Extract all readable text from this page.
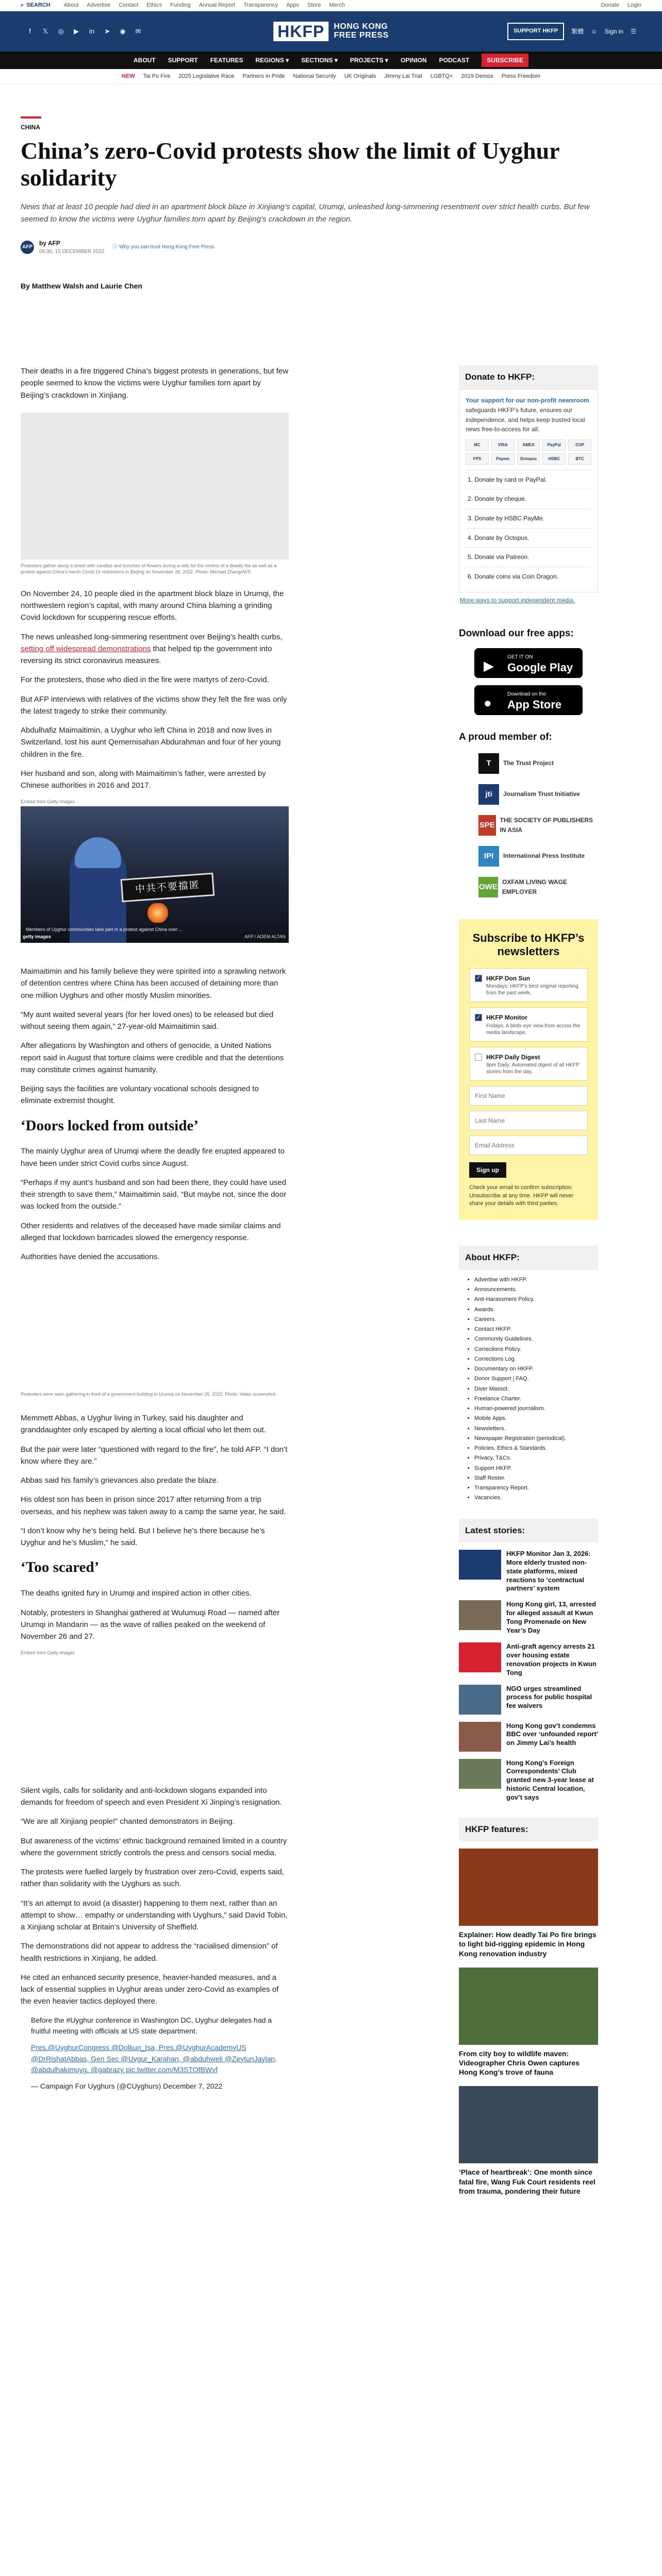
⌕ SEARCH About Advertise Contact Ethics Funding Annual Report Transparency Apps Store Merch	Donate Login
f	𝕏 ◎ ▶ in ➤ ◉ ✉	HKFP	HONG KONG
FREE PRESS	SUPPORT HKFP	繁體 ☺ Sign in ☰
ABOUT SUPPORT FEATURES REGIONS ▾ SECTIONS ▾ PROJECTS ▾ OPINION PODCAST	SUBSCRIBE
NEW Tai Po Fire 2025 Legislative Race Partners in Pride National Security UK Originals Jimmy Lai Trial LGBTQ+ 2019 Demos Press Freedom
CHINA
China’s zero-Covid protests show the limit of Uyghur solidarity

News that at least 10 people had died in an apartment block blaze in Xinjiang’s capital, Urumqi, unleashed long-simmering resentment over strict health curbs. But few seemed to know the victims were Uyghur families torn apart by Beijing’s crackdown in the region.

AFP
by AFP
06:30, 15 DECEMBER 2022
ⓘ Why you can trust Hong Kong Free Press
By Matthew Walsh and Laurie Chen

Their deaths in a fire triggered China’s biggest protests in generations, but few people seemed to know the victims were Uyghur families torn apart by Beijing’s crackdown in Xinjiang.

Protesters gather along a street with candles and bunches of flowers during a rally for the victims of a deadly fire as well as a protest against China’s harsh Covid-19 restrictions in Beijing on November 28, 2022. Photo: Michael Zhang/AFP.

On November 24, 10 people died in the apartment block blaze in Urumqi, the northwestern region’s capital, with many around China blaming a grinding Covid lockdown for scuppering rescue efforts.

The news unleashed long-simmering resentment over Beijing’s health curbs, setting off widespread demonstrations that helped tip the government into reversing its strict coronavirus measures.

For the protesters, those who died in the fire were martyrs of zero-Covid.

But AFP interviews with relatives of the victims show they felt the fire was only the latest tragedy to strike their community.

Abdulhafiz Maimaitimin, a Uyghur who left China in 2018 and now lives in Switzerland, lost his aunt Qemernisahan Abdurahman and four of her young children in the fire.

Her husband and son, along with Maimaitimin’s father, were arrested by Chinese authorities in 2016 and 2017.

Embed from Getty Images
中共不要擋匿
Members of Uyghur communities take part in a protest against China over ...
getty images	AFP / ADEM ALTAN

Maimaitimin and his family believe they were spirited into a sprawling network of detention centres where China has been accused of detaining more than one million Uyghurs and other mostly Muslim minorities.

“My aunt waited several years (for her loved ones) to be released but died without seeing them again,” 27-year-old Maimaitimin said.

After allegations by Washington and others of genocide, a United Nations report said in August that torture claims were credible and that the detentions may constitute crimes against humanity.

Beijing says the facilities are voluntary vocational schools designed to eliminate extremist thought.

‘Doors locked from outside’

The mainly Uyghur area of Urumqi where the deadly fire erupted appeared to have been under strict Covid curbs since August.

“Perhaps if my aunt’s husband and son had been there, they could have used their strength to save them,” Maimaitimin said. “But maybe not, since the door was locked from the outside.”

Other residents and relatives of the deceased have made similar claims and alleged that lockdown barricades slowed the emergency response.

Authorities have denied the accusations.

Protesters were seen gathering in front of a government building in Urumqi on November 25, 2022. Photo: Video screenshot.

Memmett Abbas, a Uyghur living in Turkey, said his daughter and granddaughter only escaped by alerting a local official who let them out.

But the pair were later “questioned with regard to the fire”, he told AFP. “I don’t know where they are.”

Abbas said his family’s grievances also predate the blaze.

His oldest son has been in prison since 2017 after returning from a trip overseas, and his nephew was taken away to a camp the same year, he said.

“I don’t know why he’s being held. But I believe he’s there because he’s Uyghur and he’s Muslim,” he said.

‘Too scared’

The deaths ignited fury in Urumqi and inspired action in other cities.

Notably, protesters in Shanghai gathered at Wulumuqi Road — named after Urumqi in Mandarin — as the wave of rallies peaked on the weekend of November 26 and 27.

Embed from Getty Images

Silent vigils, calls for solidarity and anti-lockdown slogans expanded into demands for freedom of speech and even President Xi Jinping’s resignation.

“We are all Xinjiang people!” chanted demonstrators in Beijing.

But awareness of the victims’ ethnic background remained limited in a country where the government strictly controls the press and censors social media.

The protests were fuelled largely by frustration over zero-Covid, experts said, rather than solidarity with the Uyghurs as such.

“It’s an attempt to avoid (a disaster) happening to them next, rather than an attempt to show… empathy or understanding with Uyghurs,” said David Tobin, a Xinjiang scholar at Britain’s University of Sheffield.

The demonstrations did not appear to address the “racialised dimension” of health restrictions in Xinjiang, he added.

He cited an enhanced security presence, heavier-handed measures, and a lack of essential supplies in Uyghur areas under zero-Covid as examples of the even heavier tactics deployed there.

Before the #Uyghur conference in Washington DC, Uyghur delegates had a fruitful meeting with officials at US state department.

Pres.@UyghurCongress @Dolkun_Isa, Pres.@UyghurAcademyUS @DrRishatAbbas, Gen Sec @Uygur_Karahan, @abduhweli @ZeytunJaylan, @abdulhakimuyg, @gabrazy pic.twitter.com/M3STOfBWvf

— Campaign For Uyghurs (@CUyghurs) December 7, 2022

Donate to HKFP:

Your support for our non-profit newsroom safeguards HKFP’s future, ensures our independence, and helps keep trusted local news free-to-access for all.

MC	VISA	AMEX	PayPal	CUP
FPS	Payme	Octopus	HSBC	BTC
1. Donate by card or PayPal.
2. Donate by cheque.
3. Donate by HSBC PayMe.
4. Donate by Octopus.
5. Donate via Patreon.
6. Donate coins via Coin Dragon.
More ways to support independent media.
Download our free apps:
▶
GET IT ON
Google Play
●
Download on the
App Store
A proud member of:
T	The Trust Project
jti	Journalism Trust Initiative
SPE
THE SOCIETY OF PUBLISHERS IN ASIA
IPI	International Press Institute
OWE
OXFAM LIVING WAGE EMPLOYER
Subscribe to HKFP’s newsletters
✓ HKFP Don Sun
Mondays: HKFP's best original reporting from the past week.
✓ HKFP Monitor
Fridays: A birds-eye view from across the media landscape.
HKFP Daily Digest
8pm Daily: Automated digest of all HKFP stories from the day.
First Name Last Name Email Address
Sign up

Check your email to confirm subscription. Unsubscribe at any time. HKFP will never share your details with third parties.

About HKFP:
• Advertise with HKFP.
• Announcements.
• Anti-Harassment Policy.
• Awards.
• Careers.
• Contact HKFP.
• Community Guidelines.
• Corrections Policy.
• Corrections Log.
• Documentary on HKFP.
• Donor Support | FAQ.
• Diver Massot.
• Freelance Charter.
• Human-powered journalism.
• Mobile Apps.
• Newsletters.
• Newspaper Registration (periodical).
• Policies, Ethics & Standards.
• Privacy, T&Cs.
• Support HKFP.
• Staff Roster.
• Transparency Report.
• Vacancies.
Latest stories:
HKFP Monitor Jan 3, 2026: More elderly trusted non-state platforms, mixed reactions to ‘contractual partners’ system
Hong Kong girl, 13, arrested for alleged assault at Kwun Tong Promenade on New Year’s Day
Anti-graft agency arrests 21 over housing estate renovation projects in Kwun Tong
NGO urges streamlined process for public hospital fee waivers
Hong Kong gov’t condemns BBC over ‘unfounded report’ on Jimmy Lai’s health
Hong Kong’s Foreign Correspondents’ Club granted new 3-year lease at historic Central location, gov’t says
HKFP features:
Explainer: How deadly Tai Po fire brings to light bid-rigging epidemic in Hong Kong renovation industry
From city boy to wildlife maven: Videographer Chris Owen captures Hong Kong’s trove of fauna
‘Place of heartbreak’: One month since fatal fire, Wang Fuk Court residents reel from trauma, pondering their future
